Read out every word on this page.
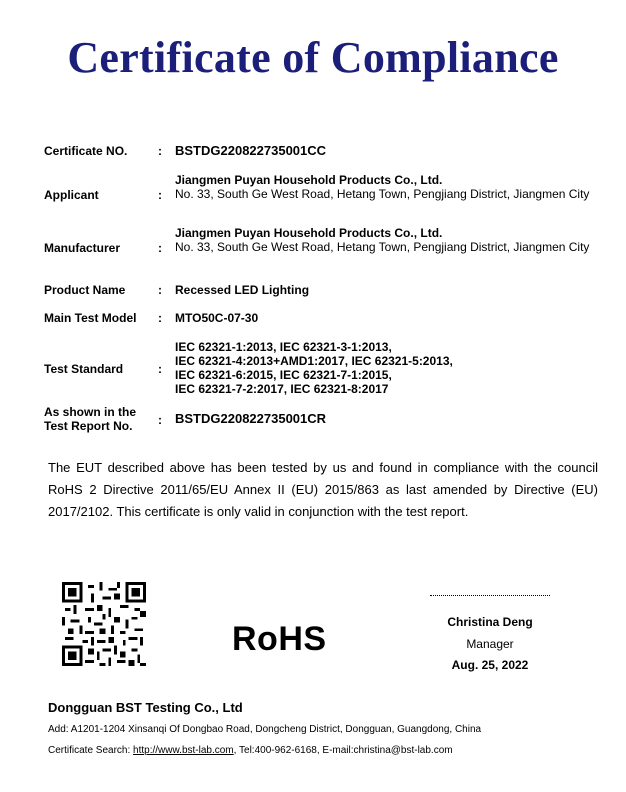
Certificate of Compliance
Certificate NO.	: BSTDG220822735001CC
Applicant	:
Jiangmen Puyan Household Products Co., Ltd.
No. 33, South Ge West Road, Hetang Town, Pengjiang District, Jiangmen City
Manufacturer	:
Jiangmen Puyan Household Products Co., Ltd.
No. 33, South Ge West Road, Hetang Town, Pengjiang District, Jiangmen City
Product Name	: Recessed LED Lighting
Main Test Model	: MTO50C-07-30
Test Standard	:
IEC 62321-1:2013, IEC 62321-3-1:2013,
IEC 62321-4:2013+AMD1:2017, IEC 62321-5:2013,
IEC 62321-6:2015, IEC 62321-7-1:2015,
IEC 62321-7-2:2017, IEC 62321-8:2017
As shown in the
Test Report No.	: BSTDG220822735001CR
The EUT described above has been tested by us and found in compliance with the council RoHS 2 Directive 2011/65/EU Annex II (EU) 2015/863 as last amended by Directive (EU) 2017/2102. This certificate is only valid in conjunction with the test report.
RoHS	Christina Deng
Manager
Aug. 25, 2022
Dongguan BST Testing Co., Ltd
Add: A1201-1204 Xinsanqi Of Dongbao Road, Dongcheng District, Dongguan, Guangdong, China
Certificate Search: http://www.bst-lab.com, Tel:400-962-6168, E-mail:christina@bst-lab.com
